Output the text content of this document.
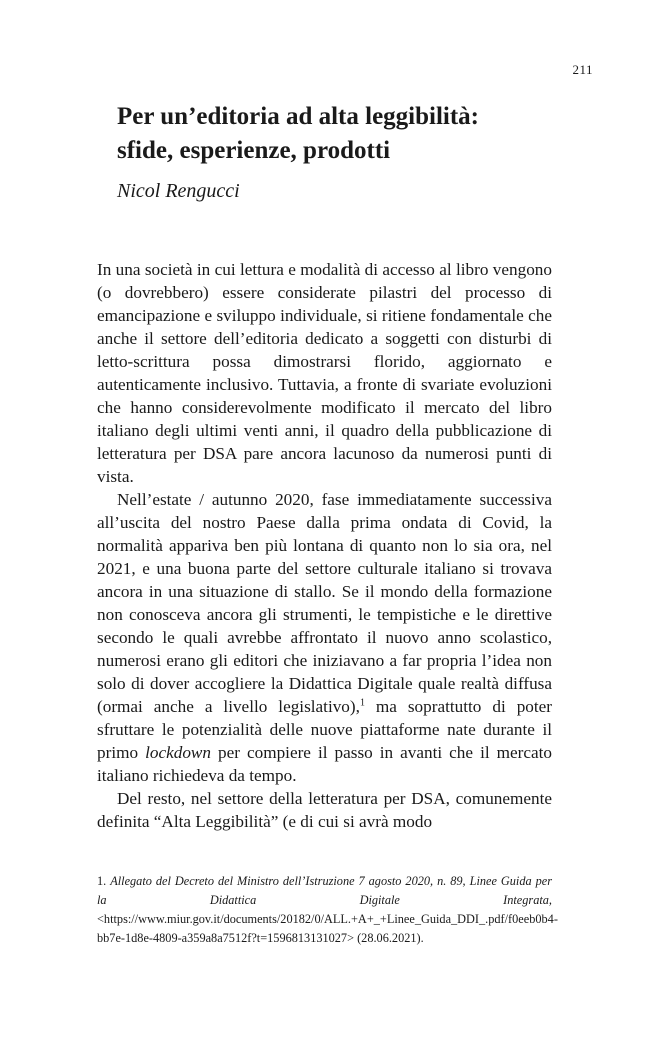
211
Per un’editoria ad alta leggibilità:
sfide, esperienze, prodotti
Nicol Rengucci

In una società in cui lettura e modalità di accesso al libro vengono (o dovrebbero) essere considerate pilastri del processo di emancipazione e sviluppo individuale, si ritiene fondamentale che anche il settore dell’editoria dedicato a soggetti con disturbi di letto-scrittura possa dimostrarsi florido, aggiornato e autenticamente inclusivo. Tuttavia, a fronte di svariate evoluzioni che hanno considerevolmente modificato il mercato del libro italiano degli ultimi venti anni, il quadro della pubblicazione di letteratura per DSA pare ancora lacunoso da numerosi punti di vista.

Nell’estate / autunno 2020, fase immediatamente successiva all’uscita del nostro Paese dalla prima ondata di Covid, la normalità appariva ben più lontana di quanto non lo sia ora, nel 2021, e una buona parte del settore culturale italiano si trovava ancora in una situazione di stallo. Se il mondo della formazione non conosceva ancora gli strumenti, le tempistiche e le direttive secondo le quali avrebbe affrontato il nuovo anno scolastico, numerosi erano gli editori che iniziavano a far propria l’idea non solo di dover accogliere la Didattica Digitale quale realtà diffusa (ormai anche a livello legislativo),$^1$ ma soprattutto di poter sfruttare le potenzialità delle nuove piattaforme nate durante il primo lockdown per compiere il passo in avanti che il mercato italiano richiedeva da tempo.

Del resto, nel settore della letteratura per DSA, comunemente definita “Alta Leggibilità” (e di cui si avrà modo

1. Allegato del Decreto del Ministro dell’Istruzione 7 agosto 2020, n. 89, Linee Guida per la Didattica Digitale Integrata, <https://www.miur.gov.it/documents/20182/0/ALL.+A+_+Linee_Guida_DDI_.pdf/f0eeb0b4-bb7e-1d8e-4809-a359a8a7512f?t=1596813131027> (28.06.2021).
